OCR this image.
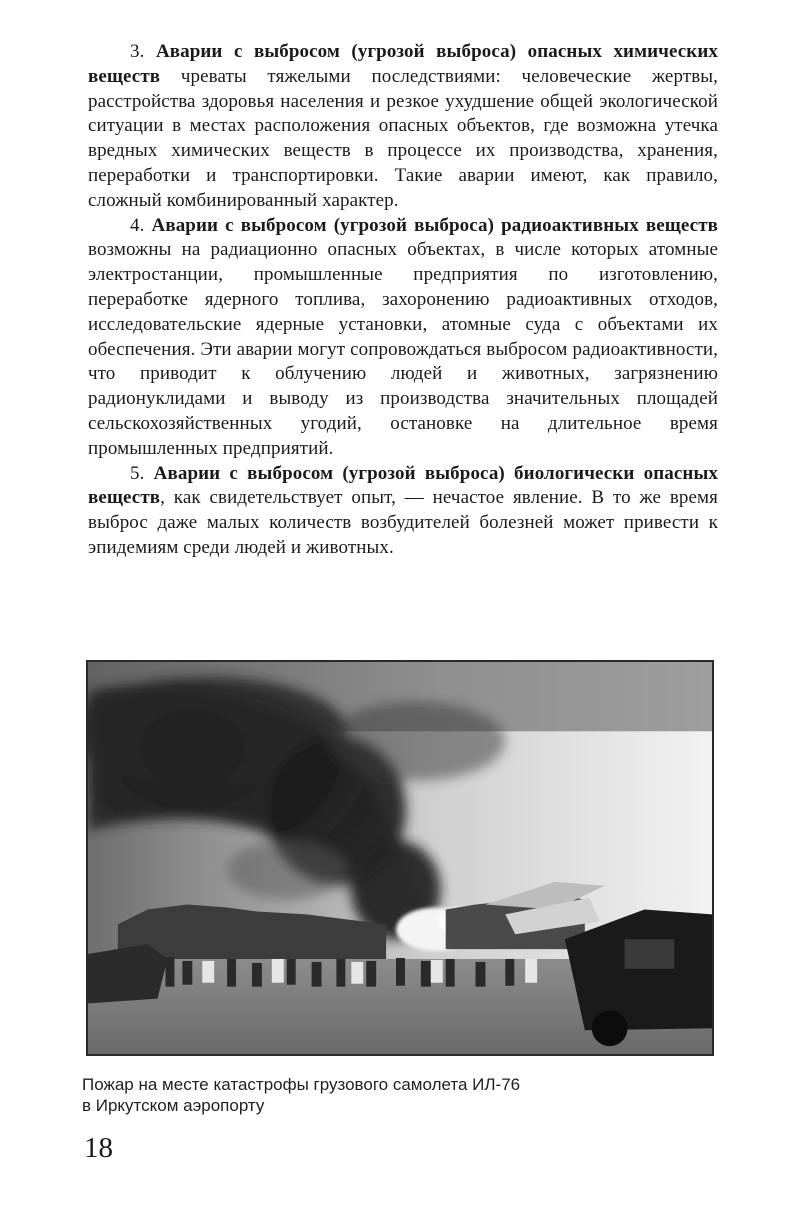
3. Аварии с выбросом (угрозой выброса) опасных химических веществ чреваты тяжелыми последствиями: человеческие жертвы, расстройства здоровья населения и резкое ухудшение общей экологической ситуации в местах расположения опасных объектов, где возможна утечка вредных химических веществ в процессе их производства, хранения, переработки и транспортировки. Такие аварии имеют, как правило, сложный комбинированный характер.

4. Аварии с выбросом (угрозой выброса) радиоактивных веществ возможны на радиационно опасных объектах, в числе которых атомные электростанции, промышленные предприятия по изготовлению, переработке ядерного топлива, захоронению радиоактивных отходов, исследовательские ядерные установки, атомные суда с объектами их обеспечения. Эти аварии могут сопровождаться выбросом радиоактивности, что приводит к облучению людей и животных, загрязнению радионуклидами и выводу из производства значительных площадей сельскохозяйственных угодий, остановке на длительное время промышленных предприятий.

5. Аварии с выбросом (угрозой выброса) биологически опасных веществ, как свидетельствует опыт, — нечастое явление. В то же время выброс даже малых количеств возбудителей болезней может привести к эпидемиям среди людей и животных.

Пожар на месте катастрофы грузового самолета ИЛ-76
в Иркутском аэропорту
18
